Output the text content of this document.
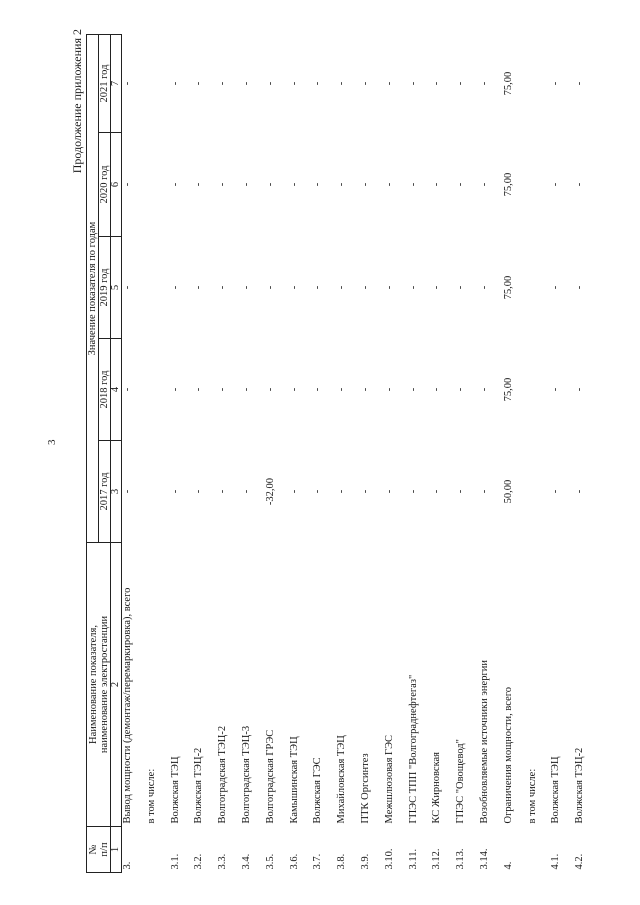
3
Продолжение приложения 2
№
п/п	Наименование показателя,
наименование электростанции	Значение показателя по годам				
		2017 год	2018 год	2019 год	2020 год	2021 год
1	2	3	4	5	6	7
3.	Вывод мощности (демонтаж/перемаркировка), всего	-	-	-	-	-
	в том числе:					
3.1.	Волжская ТЭЦ	-	-	-	-	-
3.2.	Волжская ТЭЦ-2	-	-	-	-	-
3.3.	Волгоградская ТЭЦ-2	-	-	-	-	-
3.4.	Волгоградская ТЭЦ-3	-	-	-	-	-
3.5.	Волгоградская ГРЭС	-32,00	-	-	-	-
3.6.	Камышинская ТЭЦ	-	-	-	-	-
3.7.	Волжская ГЭС	-	-	-	-	-
3.8.	Михайловская ТЭЦ	-	-	-	-	-
3.9.	ПТК Оргсинтез	-	-	-	-	-
3.10.	Межшлюзовая ГЭС	-	-	-	-	-
3.11.	ГПЭС ТПП "Волгограднефтегаз"	-	-	-	-	-
3.12.	КС Жирновская	-	-	-	-	-
3.13.	ГПЭС "Овощевод"	-	-	-	-	-
3.14.	Возобновляемые источники энергии	-	-	-	-	-
4.	Ограничения мощности, всего	50,00	75,00	75,00	75,00	75,00
	в том числе:					
4.1.	Волжская ТЭЦ	-	-	-	-	-
4.2.	Волжская ТЭЦ-2	-	-	-	-	-
